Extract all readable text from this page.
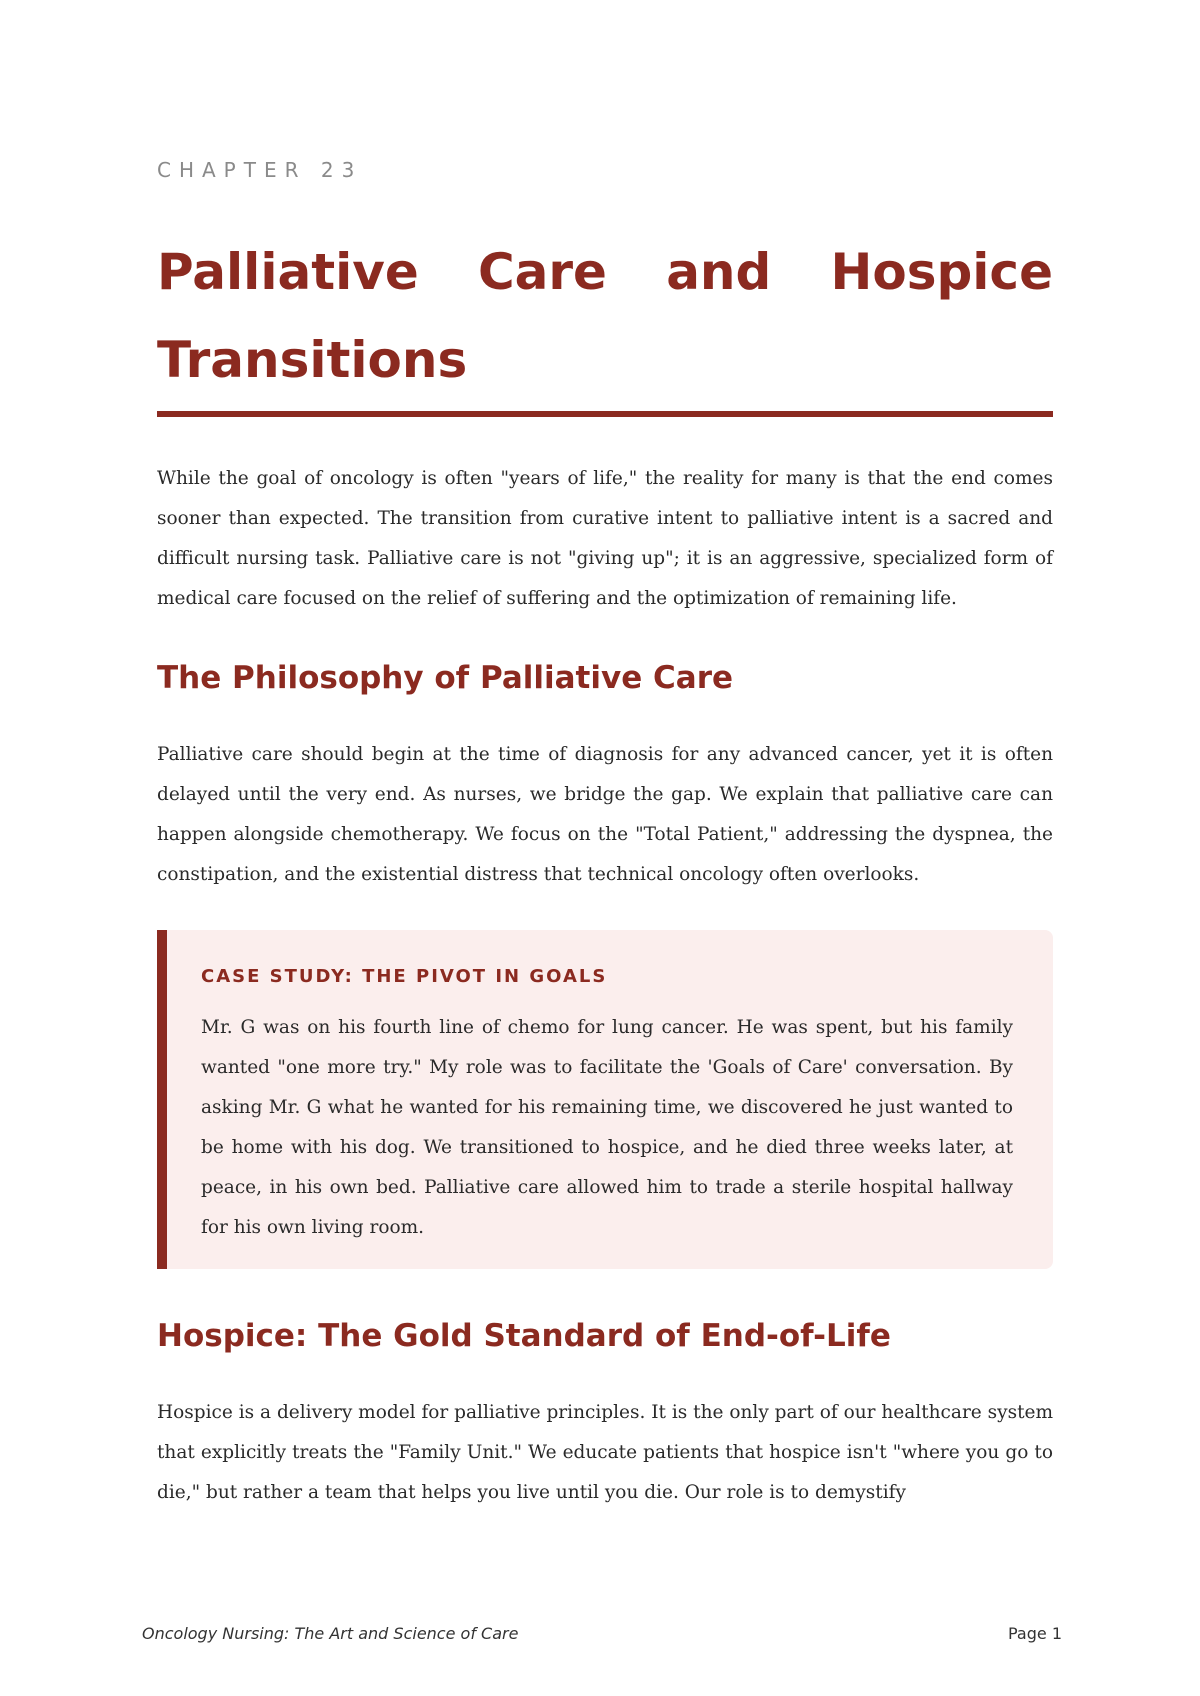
CHAPTER 23
Palliative Care and Hospice Transitions

While the goal of oncology is often "years of life," the reality for many is that the end comes sooner than expected. The transition from curative intent to palliative intent is a sacred and difficult nursing task. Palliative care is not "giving up"; it is an aggressive, specialized form of medical care focused on the relief of suffering and the optimization of remaining life.

The Philosophy of Palliative Care

Palliative care should begin at the time of diagnosis for any advanced cancer, yet it is often delayed until the very end. As nurses, we bridge the gap. We explain that palliative care can happen alongside chemotherapy. We focus on the "Total Patient," addressing the dyspnea, the constipation, and the existential distress that technical oncology often overlooks.

CASE STUDY: THE PIVOT IN GOALS

Mr. G was on his fourth line of chemo for lung cancer. He was spent, but his family wanted "one more try." My role was to facilitate the 'Goals of Care' conversation. By asking Mr. G what he wanted for his remaining time, we discovered he just wanted to be home with his dog. We transitioned to hospice, and he died three weeks later, at peace, in his own bed. Palliative care allowed him to trade a sterile hospital hallway for his own living room.

Hospice: The Gold Standard of End-of-Life

Hospice is a delivery model for palliative principles. It is the only part of our healthcare system that explicitly treats the "Family Unit." We educate patients that hospice isn't "where you go to die," but rather a team that helps you live until you die. Our role is to demystify

Oncology Nursing: The Art and Science of Care	Page 1
